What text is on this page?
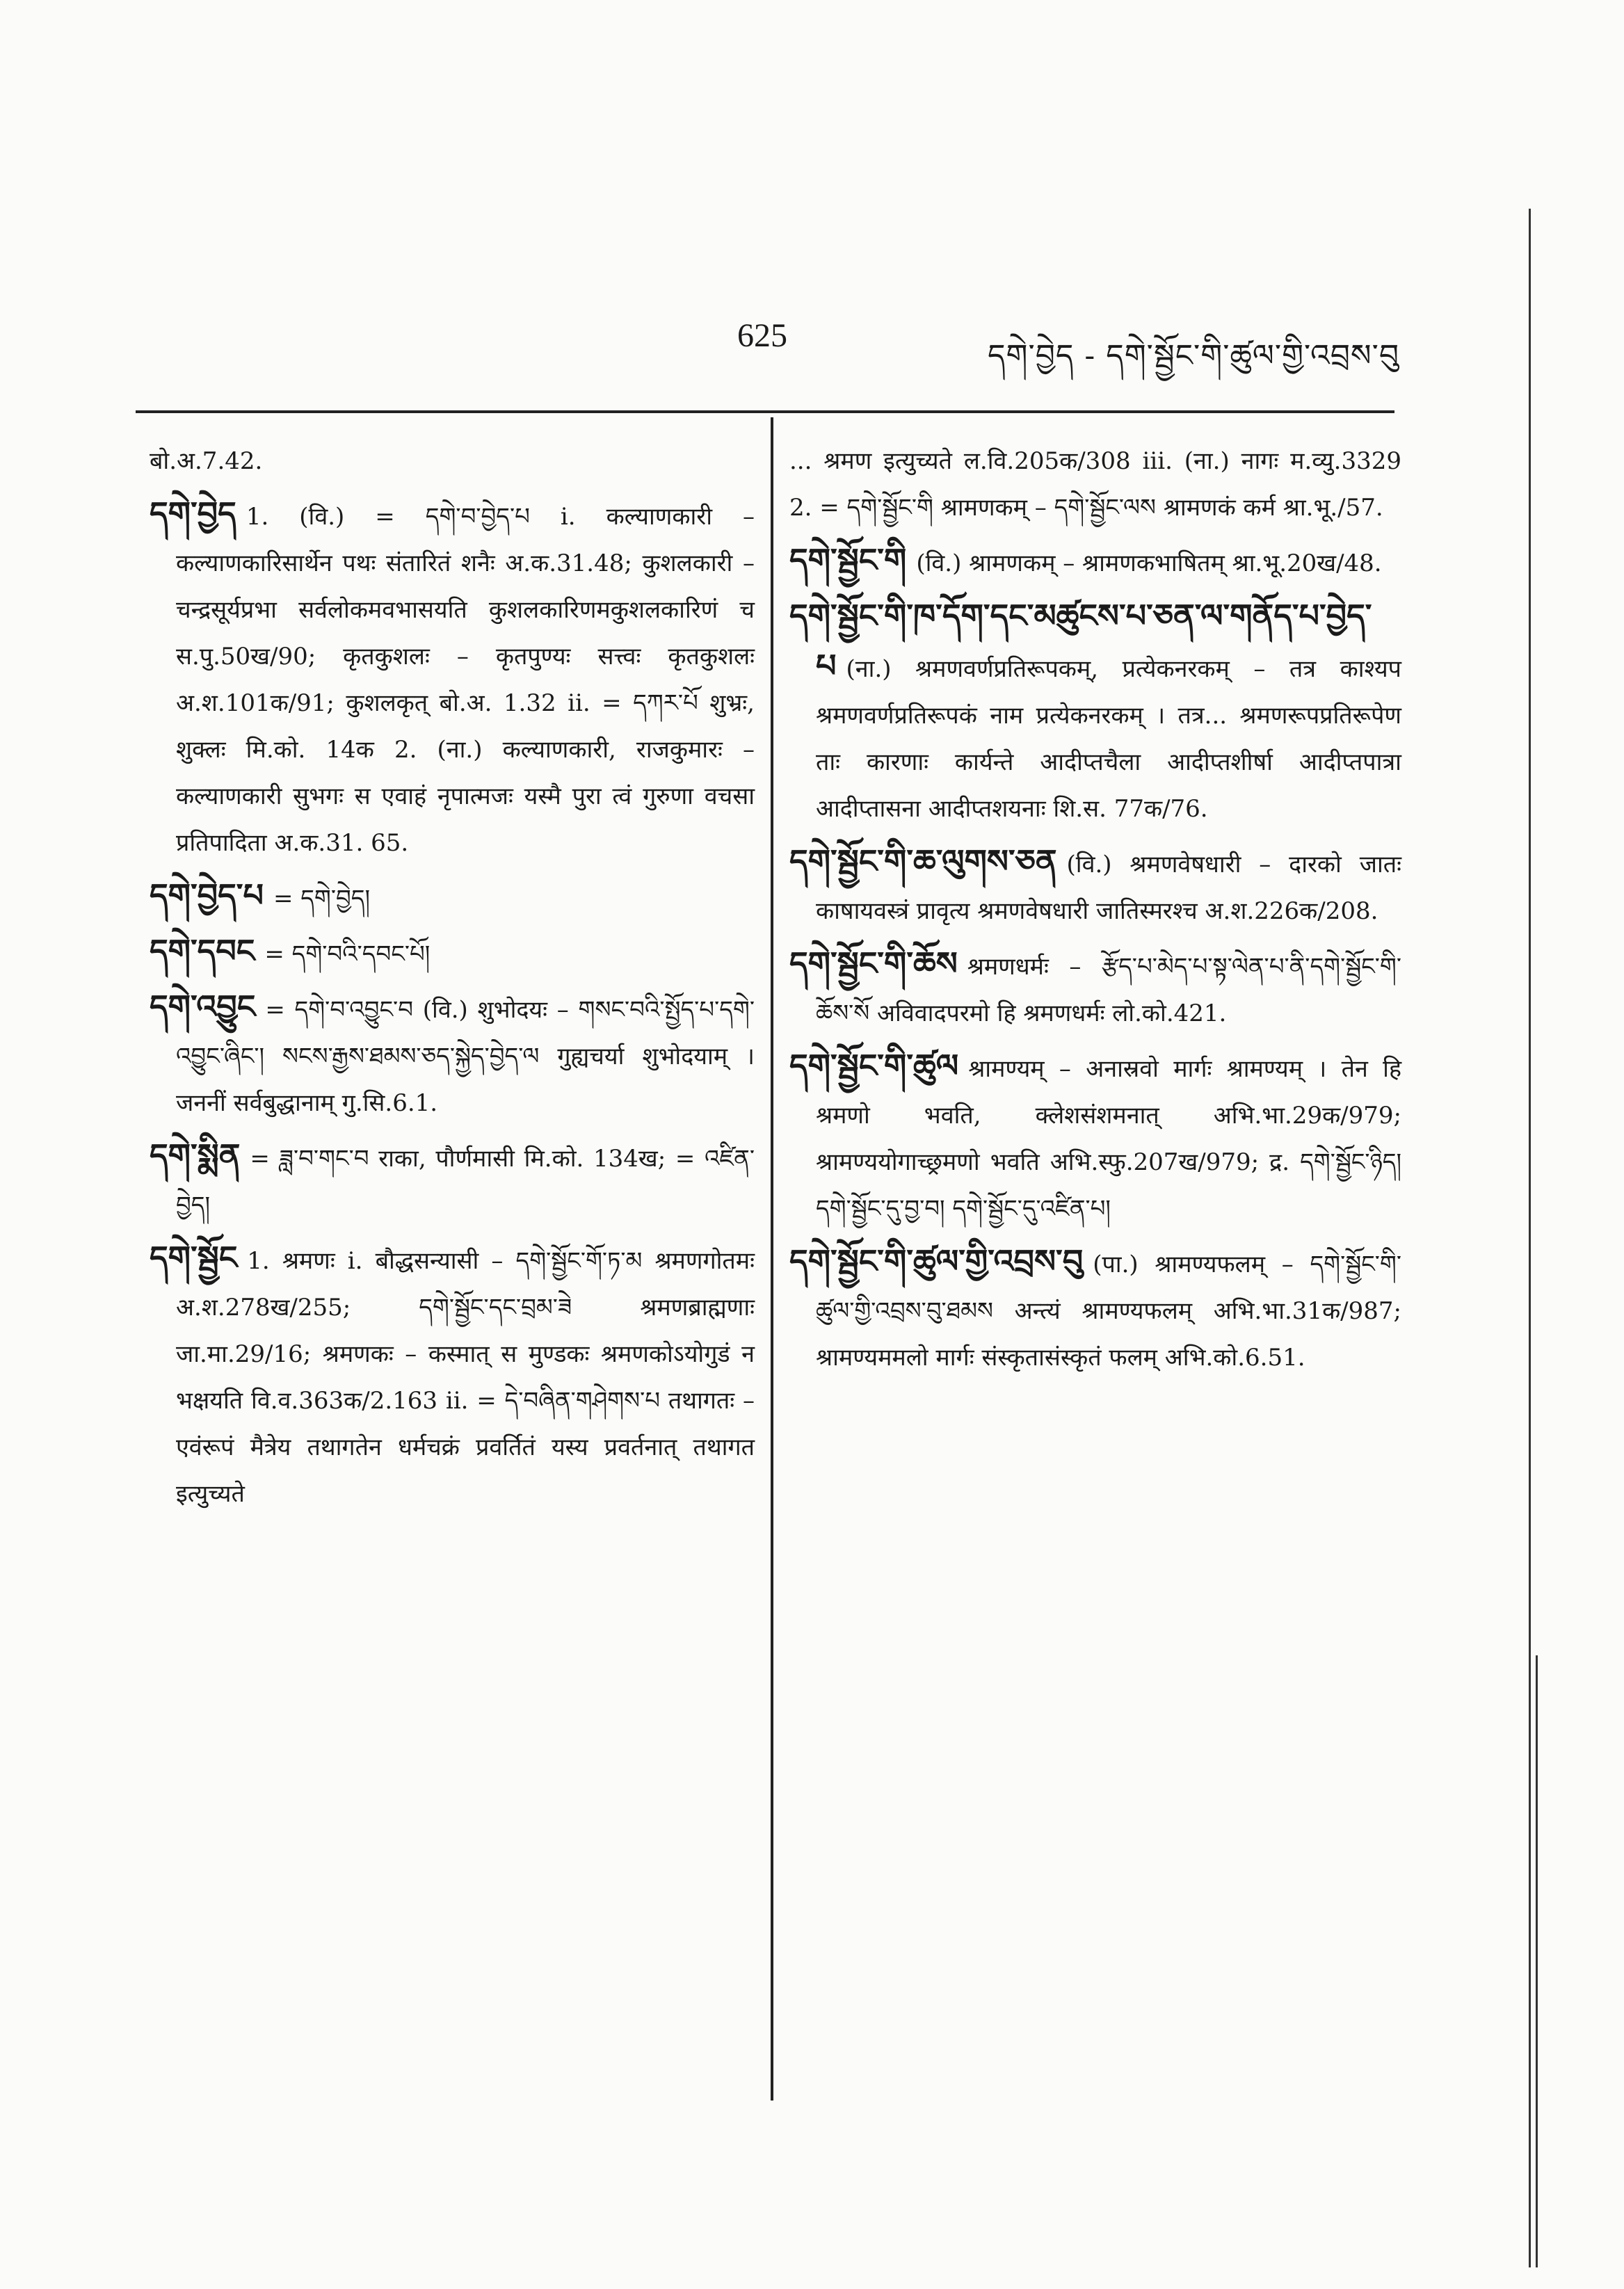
625
དགེ་བྱེད - དགེ་སྦྱོང་གི་ཚུལ་གྱི་འབྲས་བུ

बो.अ.7.42.

དགེ་བྱེད 1. (वि.) = དགེ་བ་བྱེད་པ i. कल्याणकारी – कल्याणकारिसार्थेन पथः संतारितं शनैः अ.क.31.48; कुशलकारी – चन्द्रसूर्यप्रभा सर्वलोकमवभासयति कुशलकारिणमकुशलकारिणं च स.पु.50ख/90; कृतकुशलः – कृतपुण्यः सत्त्वः कृतकुशलः अ.श.101क/91; कुशलकृत् बो.अ. 1.32 ii. = དཀར་པོ शुभ्रः, शुक्लः मि.को. 14क 2. (ना.) कल्याणकारी, राजकुमारः – कल्याणकारी सुभगः स एवाहं नृपात्मजः यस्मै पुरा त्वं गुरुणा वचसा प्रतिपादिता अ.क.31. 65.

དགེ་བྱེད་པ = དགེ་བྱེད།

དགེ་དབང = དགེ་བའི་དབང་པོ།

དགེ་འབྱུང = དགེ་བ་འབྱུང་བ (वि.) शुभोदयः – གསང་བའི་སྤྱོད་པ་དགེ་འབྱུང་ཞིང་། སངས་རྒྱས་ཐམས་ཅད་སྐྱེད་བྱེད་ལ गुह्यचर्या शुभोदयाम् । जननीं सर्वबुद्धानाम् गु.सि.6.1.

དགེ་སྨིན = ཟླ་བ་གང་བ राका, पौर्णमासी मि.को. 134ख; = འཛིན་བྱེད།

དགེ་སྦྱོང 1. श्रमणः i. बौद्धसन्यासी – དགེ་སྦྱོང་གོ་ཏ་མ श्रमणगोतमः अ.श.278ख/255; དགེ་སྦྱོང་དང་བྲམ་ཟེ श्रमणब्राह्मणाः जा.मा.29/16; श्रमणकः – कस्मात् स मुण्डकः श्रमणकोऽयोगुडं न भक्षयति वि.व.363क/2.163 ii. = དེ་བཞིན་གཤེགས་པ तथागतः – एवंरूपं मैत्रेय तथागतेन धर्मचक्रं प्रवर्तितं यस्य प्रवर्तनात् तथागत इत्युच्यते

... श्रमण इत्युच्यते ल.वि.205क/308 iii. (ना.) नागः म.व्यु.3329 2. = དགེ་སྦྱོང་གི श्रामणकम् – དགེ་སྦྱོང་ལས श्रामणकं कर्म श्रा.भू./57.

དགེ་སྦྱོང་གི (वि.) श्रामणकम् – श्रामणकभाषितम् श्रा.भू.20ख/48.

དགེ་སྦྱོང་གི་ཁ་དོག་དང་མཚུངས་པ་ཅན་ལ་གནོད་པ་བྱེད་པ (ना.) श्रमणवर्णप्रतिरूपकम्, प्रत्येकनरकम् – तत्र काश्यप श्रमणवर्णप्रतिरूपकं नाम प्रत्येकनरकम् । तत्र... श्रमणरूपप्रतिरूपेण ताः कारणाः कार्यन्ते आदीप्तचैला आदीप्तशीर्षा आदीप्तपात्रा आदीप्तासना आदीप्तशयनाः शि.स. 77क/76.

དགེ་སྦྱོང་གི་ཆ་ལུགས་ཅན (वि.) श्रमणवेषधारी – दारको जातः काषायवस्त्रं प्रावृत्य श्रमणवेषधारी जातिस्मरश्च अ.श.226क/208.

དགེ་སྦྱོང་གི་ཆོས श्रमणधर्मः – རྩོད་པ་མེད་པ་སྟ་ལེན་པ་ནི་དགེ་སྦྱོང་གི་ཆོས་སོ अविवादपरमो हि श्रमणधर्मः लो.को.421.

དགེ་སྦྱོང་གི་ཚུལ श्रामण्यम् – अनास्रवो मार्गः श्रामण्यम् । तेन हि श्रमणो भवति, क्लेशसंशमनात् अभि.भा.29क/979; श्रामण्ययोगाच्छ्रमणो भवति अभि.स्फु.207ख/979; द्र. དགེ་སྦྱོང་ཉིད། དགེ་སྦྱོང་དུ་བྱ་བ། དགེ་སྦྱོང་དུ་འཛིན་པ།

དགེ་སྦྱོང་གི་ཚུལ་གྱི་འབྲས་བུ (पा.) श्रामण्यफलम् – དགེ་སྦྱོང་གི་ཚུལ་གྱི་འབྲས་བུ་ཐམས अन्त्यं श्रामण्यफलम् अभि.भा.31क/987; श्रामण्यममलो मार्गः संस्कृतासंस्कृतं फलम् अभि.को.6.51.
